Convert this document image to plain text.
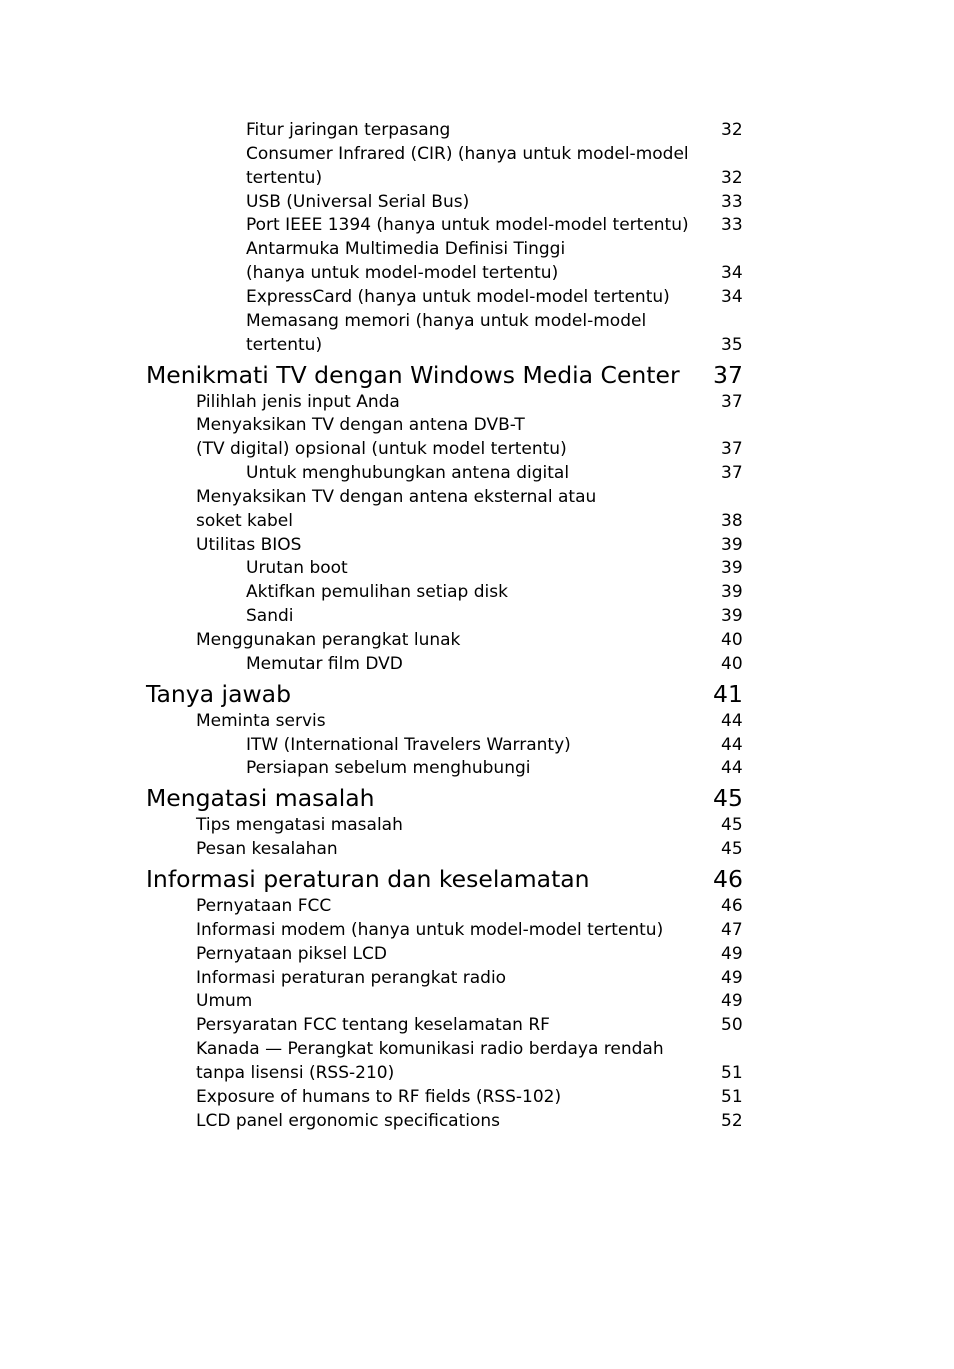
Fitur jaringan terpasang	32
Consumer Infrared (CIR) (hanya untuk model-model
tertentu)	32
USB (Universal Serial Bus)	33
Port IEEE 1394 (hanya untuk model-model tertentu) 33
Antarmuka Multimedia Definisi Tinggi
(hanya untuk model-model tertentu)	34
ExpressCard (hanya untuk model-model tertentu)	34
Memasang memori (hanya untuk model-model
tertentu)	35
Menikmati TV dengan Windows Media Center 37
Pilihlah jenis input Anda	37
Menyaksikan TV dengan antena DVB-T
(TV digital) opsional (untuk model tertentu)	37
Untuk menghubungkan antena digital	37
Menyaksikan TV dengan antena eksternal atau
soket kabel	38
Utilitas BIOS	39
Urutan boot	39
Aktifkan pemulihan setiap disk	39
Sandi	39
Menggunakan perangkat lunak	40
Memutar film DVD	40
Tanya jawab	41
Meminta servis	44
ITW (International Travelers Warranty)	44
Persiapan sebelum menghubungi	44
Mengatasi masalah	45
Tips mengatasi masalah	45
Pesan kesalahan	45
Informasi peraturan dan keselamatan	46
Pernyataan FCC	46
Informasi modem (hanya untuk model-model tertentu)	47
Pernyataan piksel LCD	49
Informasi peraturan perangkat radio	49
Umum	49
Persyaratan FCC tentang keselamatan RF	50
Kanada — Perangkat komunikasi radio berdaya rendah
tanpa lisensi (RSS-210)	51
Exposure of humans to RF fields (RSS-102)	51
LCD panel ergonomic specifications	52
